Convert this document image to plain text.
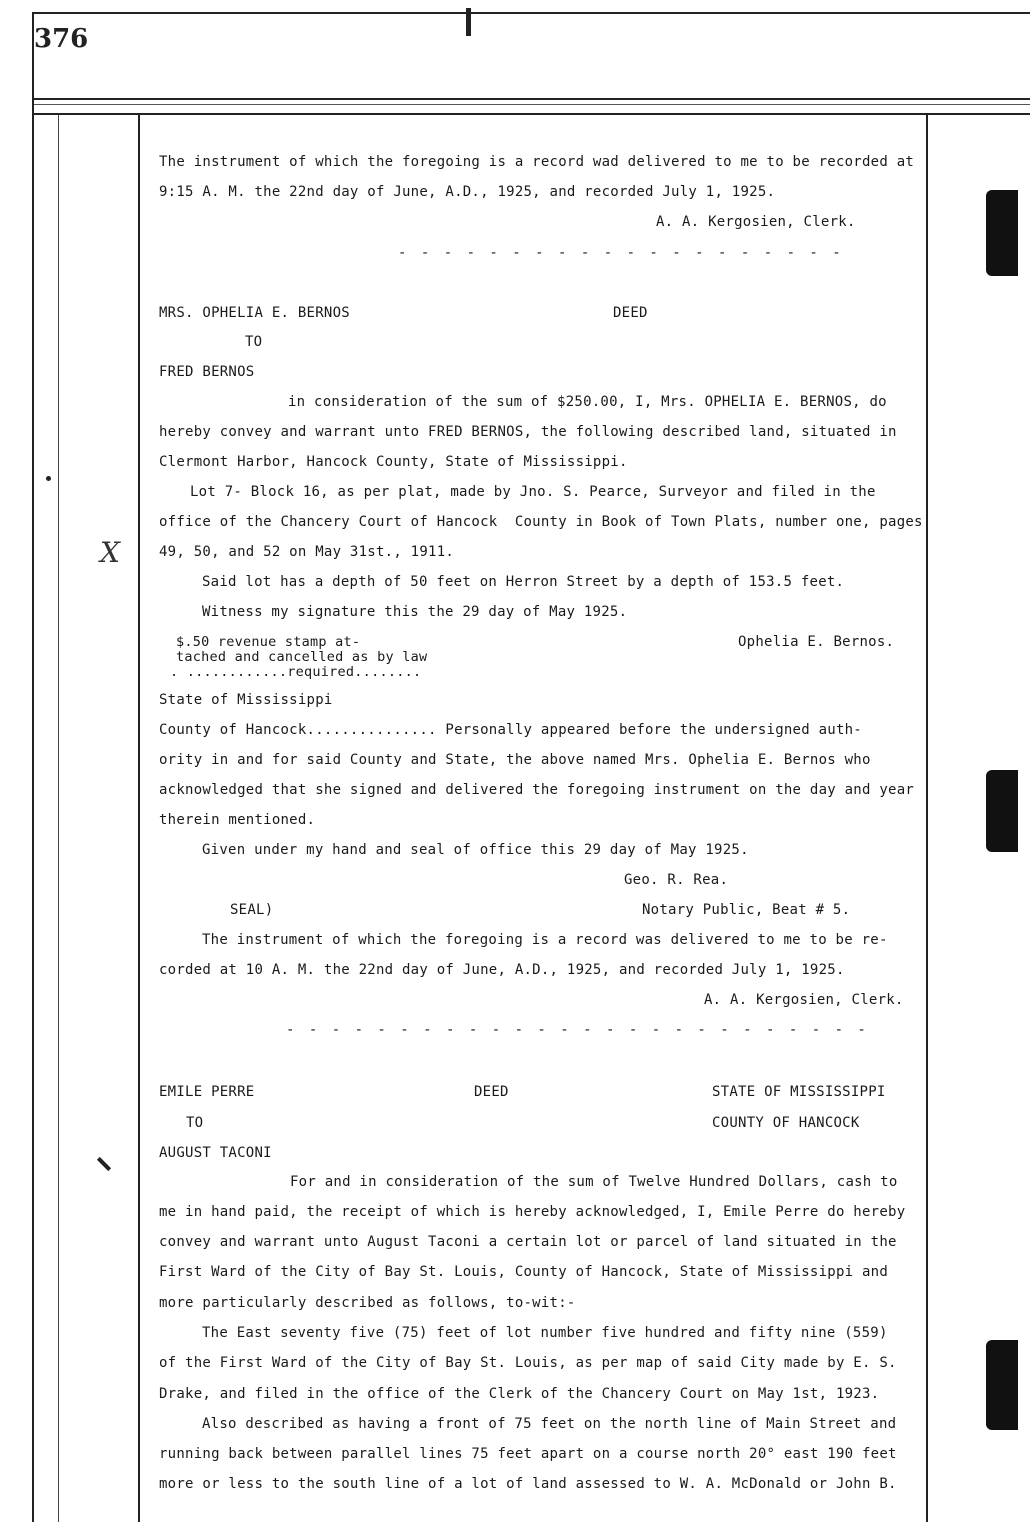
376
X
The instrument of which the foregoing is a record wad delivered to me to be recorded at
9:15 A. M. the 22nd day of June, A.D., 1925, and recorded July 1, 1925.
A. A. Kergosien, Clerk.
- - - - - - - - - - - - - - - - - - - -
MRS. OPHELIA E. BERNOS	DEED
TO
FRED BERNOS
in consideration of the sum of $250.00, I, Mrs. OPHELIA E. BERNOS, do
hereby convey and warrant unto FRED BERNOS, the following described land, situated in
Clermont Harbor, Hancock County, State of Mississippi.
Lot 7- Block 16, as per plat, made by Jno. S. Pearce, Surveyor and filed in the
office of the Chancery Court of Hancock  County in Book of Town Plats, number one, pages
49, 50, and 52 on May 31st., 1911.
Said lot has a depth of 50 feet on Herron Street by a depth of 153.5 feet.
Witness my signature this the 29 day of May 1925.
$.50 revenue stamp at-
tached and cancelled as by law
. ............required........
Ophelia E. Bernos.
State of Mississippi
County of Hancock............... Personally appeared before the undersigned auth-
ority in and for said County and State, the above named Mrs. Ophelia E. Bernos who
acknowledged that she signed and delivered the foregoing instrument on the day and year
therein mentioned.
Given under my hand and seal of office this 29 day of May 1925.
Geo. R. Rea.
SEAL)	Notary Public, Beat # 5.
The instrument of which the foregoing is a record was delivered to me to be re-
corded at 10 A. M. the 22nd day of June, A.D., 1925, and recorded July 1, 1925.
A. A. Kergosien, Clerk.
- - - - - - - - - - - - - - - - - - - - - - - - - -
EMILE PERRE	DEED	STATE OF MISSISSIPPI
TO	COUNTY OF HANCOCK
AUGUST TACONI
For and in consideration of the sum of Twelve Hundred Dollars, cash to
me in hand paid, the receipt of which is hereby acknowledged, I, Emile Perre do hereby
convey and warrant unto August Taconi a certain lot or parcel of land situated in the
First Ward of the City of Bay St. Louis, County of Hancock, State of Mississippi and
more particularly described as follows, to-wit:-
The East seventy five (75) feet of lot number five hundred and fifty nine (559)
of the First Ward of the City of Bay St. Louis, as per map of said City made by E. S.
Drake, and filed in the office of the Clerk of the Chancery Court on May 1st, 1923.
Also described as having a front of 75 feet on the north line of Main Street and
running back between parallel lines 75 feet apart on a course north 20° east 190 feet
more or less to the south line of a lot of land assessed to W. A. McDonald or John B.
